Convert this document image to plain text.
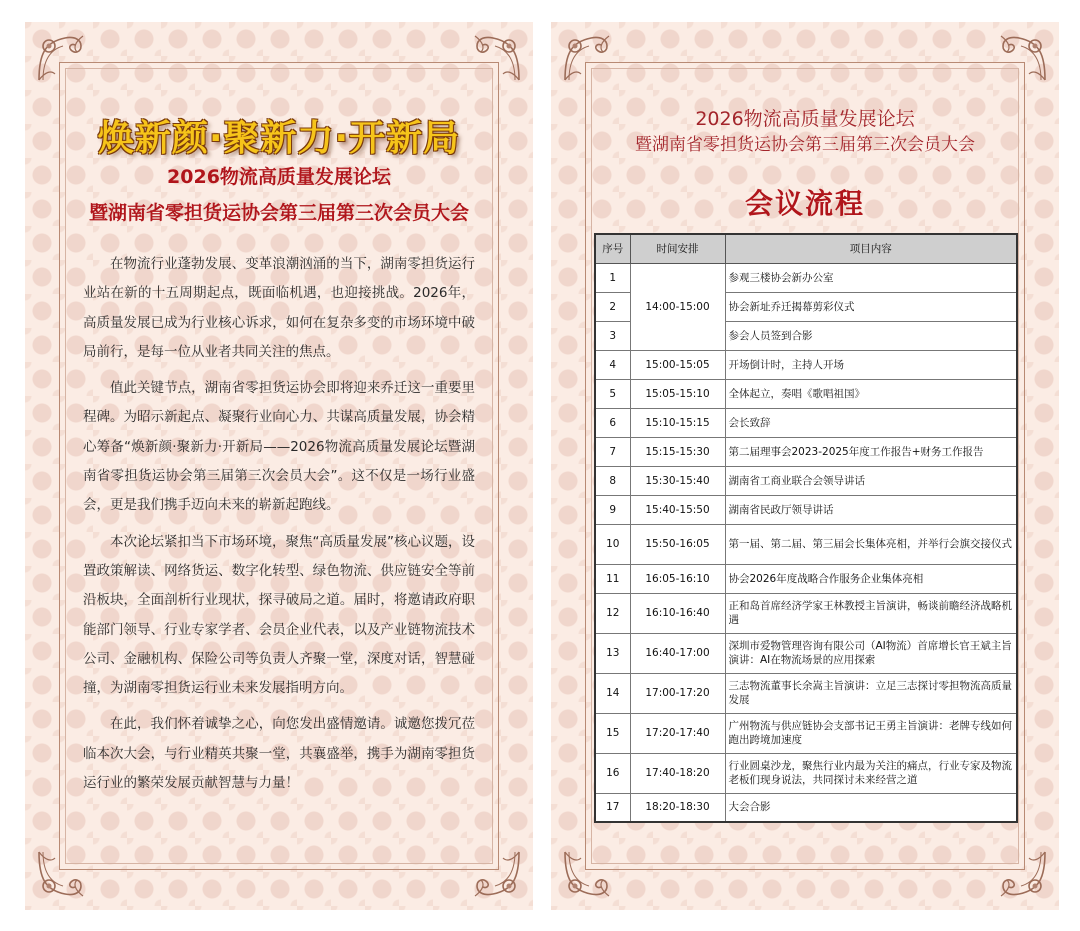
焕新颜·聚新力·开新局
2026物流高质量发展论坛
暨湖南省零担货运协会第三届第三次会员大会

在物流行业蓬勃发展、变革浪潮汹涌的当下，湖南零担货运行业站在新的十五周期起点，既面临机遇，也迎接挑战。2026年，高质量发展已成为行业核心诉求，如何在复杂多变的市场环境中破局前行，是每一位从业者共同关注的焦点。

值此关键节点，湖南省零担货运协会即将迎来乔迁这一重要里程碑。为昭示新起点、凝聚行业向心力、共谋高质量发展，协会精心筹备“焕新颜·聚新力·开新局——2026物流高质量发展论坛暨湖南省零担货运协会第三届第三次会员大会”。这不仅是一场行业盛会，更是我们携手迈向未来的崭新起跑线。

本次论坛紧扣当下市场环境，聚焦“高质量发展”核心议题，设置政策解读、网络货运、数字化转型、绿色物流、供应链安全等前沿板块，全面剖析行业现状，探寻破局之道。届时，将邀请政府职能部门领导、行业专家学者、会员企业代表，以及产业链物流技术公司、金融机构、保险公司等负责人齐聚一堂，深度对话，智慧碰撞，为湖南零担货运行业未来发展指明方向。

在此，我们怀着诚挚之心，向您发出盛情邀请。诚邀您拨冗莅临本次大会，与行业精英共聚一堂，共襄盛举，携手为湖南零担货运行业的繁荣发展贡献智慧与力量！

2026物流高质量发展论坛
暨湖南省零担货运协会第三届第三次会员大会
会议流程
序号	时间安排	项目内容
1	14:00-15:00	参观三楼协会新办公室
2		协会新址乔迁揭幕剪彩仪式
3		参会人员签到合影
4	15:00-15:05	开场倒计时，主持人开场
5	15:05-15:10	全体起立，奏唱《歌唱祖国》
6	15:10-15:15	会长致辞
7	15:15-15:30	第二届理事会2023-2025年度工作报告+财务工作报告
8	15:30-15:40	湖南省工商业联合会领导讲话
9	15:40-15:50	湖南省民政厅领导讲话
10	15:50-16:05	第一届、第二届、第三届会长集体亮相，并举行会旗交接仪式
11	16:05-16:10	协会2026年度战略合作服务企业集体亮相
12	16:10-16:40	正和岛首席经济学家王林教授主旨演讲，畅谈前瞻经济战略机遇
13	16:40-17:00	深圳市爱物管理咨询有限公司（AI物流）首席增长官王斌主旨演讲：AI在物流场景的应用探索
14	17:00-17:20	三志物流董事长余嵩主旨演讲：立足三志探讨零担物流高质量发展
15	17:20-17:40	广州物流与供应链协会支部书记王勇主旨演讲：老牌专线如何跑出跨境加速度
16	17:40-18:20	行业圆桌沙龙，聚焦行业内最为关注的痛点，行业专家及物流老板们现身说法，共同探讨未来经营之道
17	18:20-18:30	大会合影
